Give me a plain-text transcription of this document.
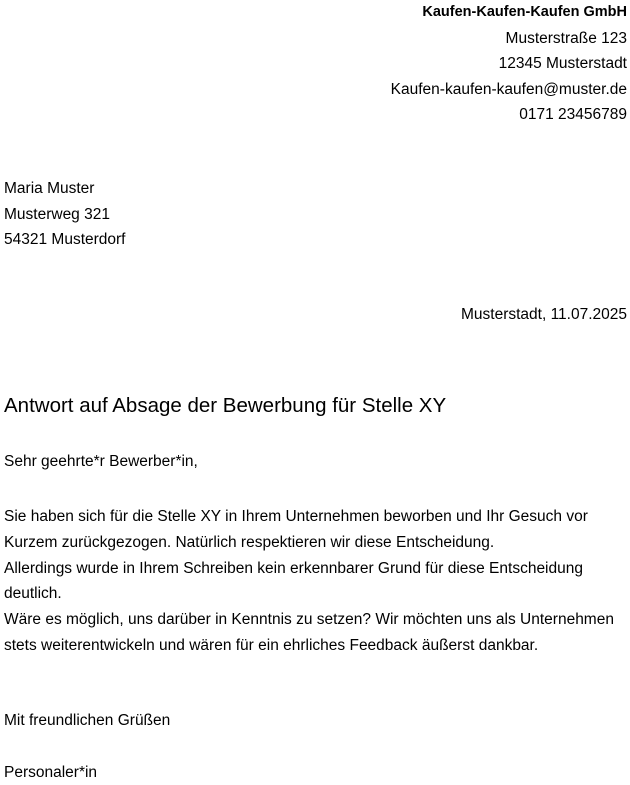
Kaufen-Kaufen-Kaufen GmbH
Musterstraße 123
12345 Musterstadt
Kaufen-kaufen-kaufen@muster.de
0171 23456789
Maria Muster
Musterweg 321
54321 Musterdorf
Musterstadt, 11.07.2025
Antwort auf Absage der Bewerbung für Stelle XY
Sehr geehrte*r Bewerber*in,

Sie haben sich für die Stelle XY in Ihrem Unternehmen beworben und Ihr Gesuch vor Kurzem zurückgezogen. Natürlich respektieren wir diese Entscheidung.

Allerdings wurde in Ihrem Schreiben kein erkennbarer Grund für diese Entscheidung deutlich.

Wäre es möglich, uns darüber in Kenntnis zu setzen? Wir möchten uns als Unternehmen stets weiterentwickeln und wären für ein ehrliches Feedback äußerst dankbar.

Mit freundlichen Grüßen
Personaler*in
